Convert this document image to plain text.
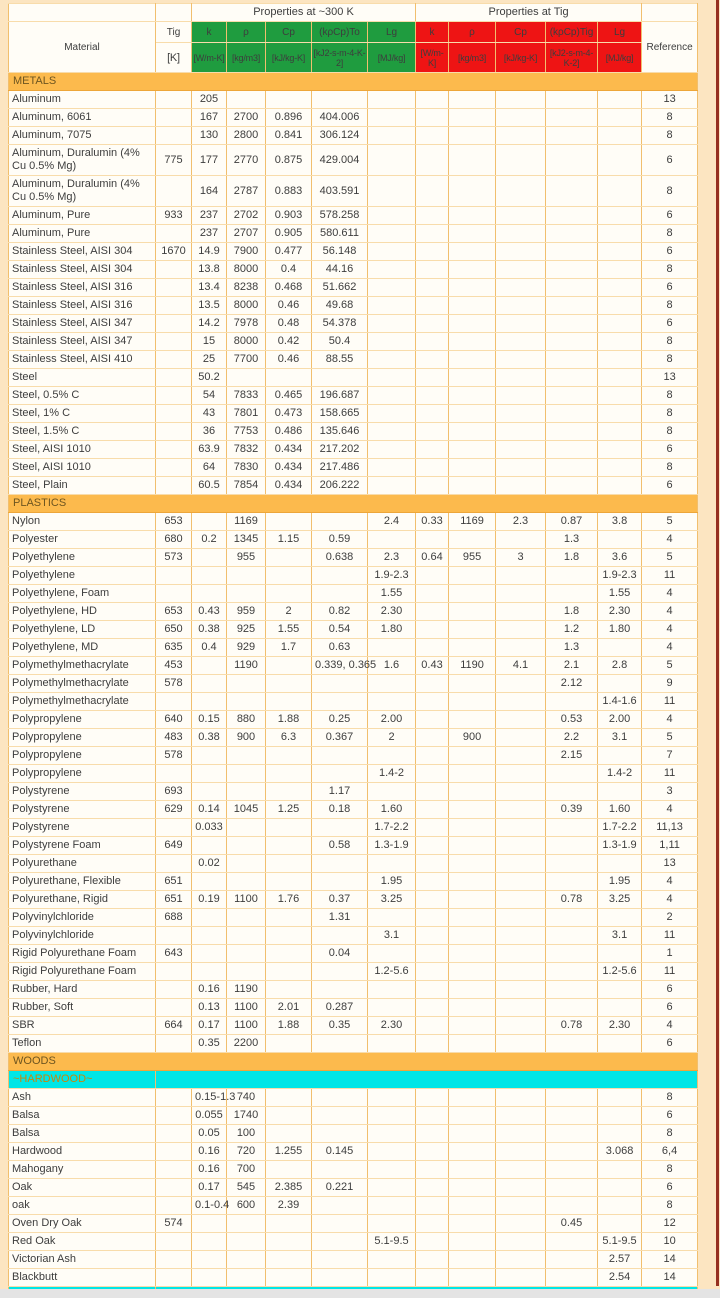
		Properties at ~300 K					Properties at Tig					
Material	Tig	k	ρ	Cp	(kρCp)To	Lg	k	ρ	Cp	(kρCp)Tig	Lg	Reference
	[K]	[W/m-K]	[kg/m3]	[kJ/kg-K]	[kJ2-s-m-4-K-2]	[MJ/kg]	[W/m-K]	[kg/m3]	[kJ/kg-K]	[kJ2-s-m-4-K-2]	[MJ/kg]	
METALS												
Aluminum		205										13
Aluminum, 6061		167	2700	0.896	404.006							8
Aluminum, 7075		130	2800	0.841	306.124							8
Aluminum, Duralumin (4% Cu 0.5% Mg)	775	177	2770	0.875	429.004							6
Aluminum, Duralumin (4% Cu 0.5% Mg)		164	2787	0.883	403.591							8
Aluminum, Pure	933	237	2702	0.903	578.258							6
Aluminum, Pure		237	2707	0.905	580.611							8
Stainless Steel, AISI 304	1670	14.9	7900	0.477	56.148							6
Stainless Steel, AISI 304		13.8	8000	0.4	44.16							8
Stainless Steel, AISI 316		13.4	8238	0.468	51.662							6
Stainless Steel, AISI 316		13.5	8000	0.46	49.68							8
Stainless Steel, AISI 347		14.2	7978	0.48	54.378							6
Stainless Steel, AISI 347		15	8000	0.42	50.4							8
Stainless Steel, AISI 410		25	7700	0.46	88.55							8
Steel		50.2										13
Steel, 0.5% C		54	7833	0.465	196.687							8
Steel, 1% C		43	7801	0.473	158.665							8
Steel, 1.5% C		36	7753	0.486	135.646							8
Steel, AISI 1010		63.9	7832	0.434	217.202							6
Steel, AISI 1010		64	7830	0.434	217.486							8
Steel, Plain		60.5	7854	0.434	206.222							6
PLASTICS												
Nylon	653		1169			2.4	0.33	1169	2.3	0.87	3.8	5
Polyester	680	0.2	1345	1.15	0.59					1.3		4
Polyethylene	573		955		0.638	2.3	0.64	955	3	1.8	3.6	5
Polyethylene						1.9-2.3					1.9-2.3	11
Polyethylene, Foam						1.55					1.55	4
Polyethylene, HD	653	0.43	959	2	0.82	2.30				1.8	2.30	4
Polyethylene, LD	650	0.38	925	1.55	0.54	1.80				1.2	1.80	4
Polyethylene, MD	635	0.4	929	1.7	0.63					1.3		4
Polymethylmethacrylate	453		1190		0.339, 0.365	1.6	0.43	1190	4.1	2.1	2.8	5
Polymethylmethacrylate	578									2.12		9
Polymethylmethacrylate											1.4-1.6	11
Polypropylene	640	0.15	880	1.88	0.25	2.00				0.53	2.00	4
Polypropylene	483	0.38	900	6.3	0.367	2		900		2.2	3.1	5
Polypropylene	578									2.15		7
Polypropylene						1.4-2					1.4-2	11
Polystyrene	693				1.17							3
Polystyrene	629	0.14	1045	1.25	0.18	1.60				0.39	1.60	4
Polystyrene		0.033				1.7-2.2					1.7-2.2	11,13
Polystyrene Foam	649				0.58	1.3-1.9					1.3-1.9	1,11
Polyurethane		0.02										13
Polyurethane, Flexible	651					1.95					1.95	4
Polyurethane, Rigid	651	0.19	1100	1.76	0.37	3.25				0.78	3.25	4
Polyvinylchloride	688				1.31							2
Polyvinylchloride						3.1					3.1	11
Rigid Polyurethane Foam	643				0.04							1
Rigid Polyurethane Foam						1.2-5.6					1.2-5.6	11
Rubber, Hard		0.16	1190									6
Rubber, Soft		0.13	1100	2.01	0.287							6
SBR	664	0.17	1100	1.88	0.35	2.30				0.78	2.30	4
Teflon		0.35	2200									6
WOODS												
~HARDWOOD~												
Ash		0.15-1.3	740									8
Balsa		0.055	1740									6
Balsa		0.05	100									8
Hardwood		0.16	720	1.255	0.145						3.068	6,4
Mahogany		0.16	700									8
Oak		0.17	545	2.385	0.221							6
oak		0.1-0.4	600	2.39								8
Oven Dry Oak	574									0.45		12
Red Oak						5.1-9.5					5.1-9.5	10
Victorian Ash											2.57	14
Blackbutt											2.54	14
